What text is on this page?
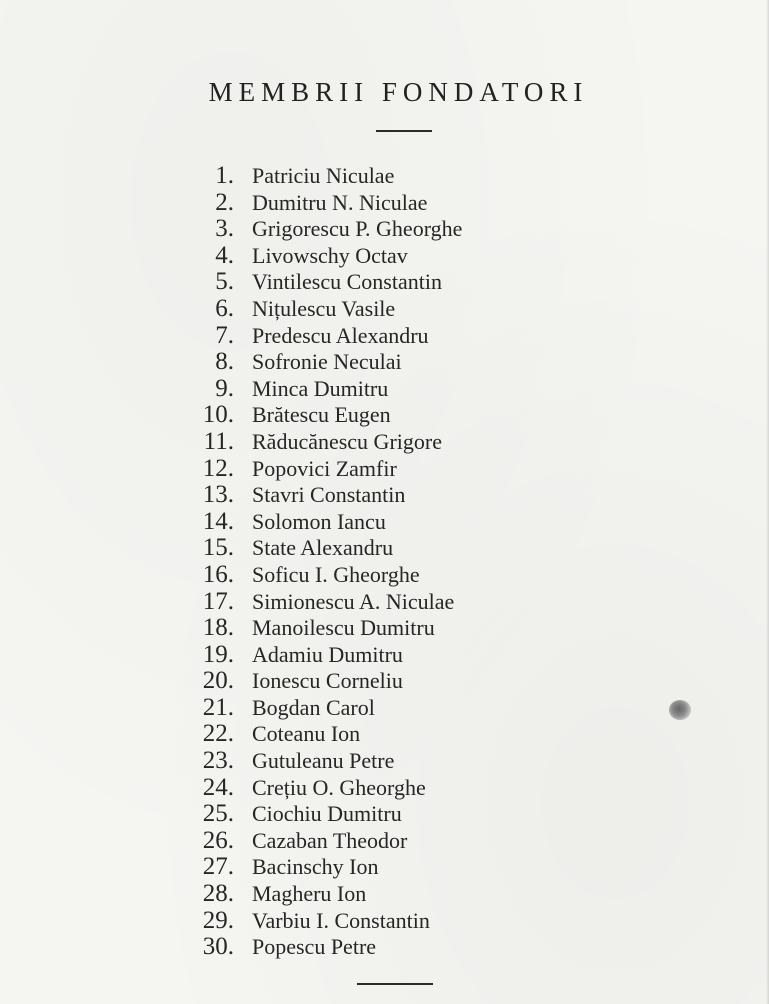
MEMBRII FONDATORI
1. Patriciu Niculae
2. Dumitru N. Niculae
3. Grigorescu P. Gheorghe
4. Livowschy Octav
5. Vintilescu Constantin
6. Nițulescu Vasile
7. Predescu Alexandru
8. Sofronie Neculai
9. Minca Dumitru
10. Brătescu Eugen
11. Răducănescu Grigore
12. Popovici Zamfir
13. Stavri Constantin
14. Solomon Iancu
15. State Alexandru
16. Soficu I. Gheorghe
17. Simionescu A. Niculae
18. Manoilescu Dumitru
19. Adamiu Dumitru
20. Ionescu Corneliu
21. Bogdan Carol
22. Coteanu Ion
23. Gutuleanu Petre
24. Crețiu O. Gheorghe
25. Ciochiu Dumitru
26. Cazaban Theodor
27. Bacinschy Ion
28. Magheru Ion
29. Varbiu I. Constantin
30. Popescu Petre
